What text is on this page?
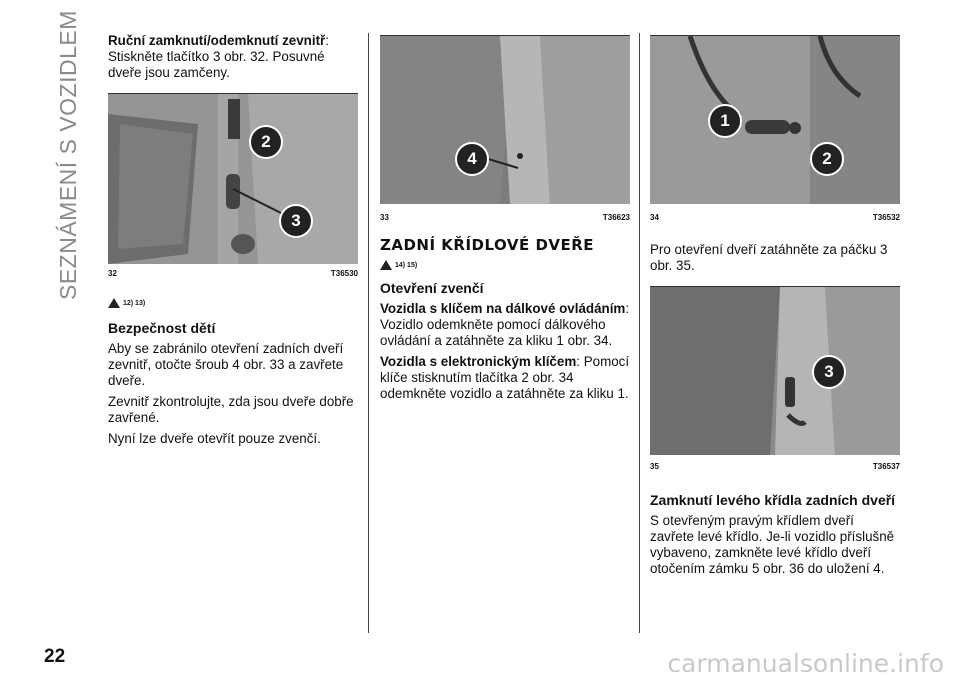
SEZNÁMENÍ S VOZIDLEM Ruční zamknutí/odemknutí zevnitř:

Stiskněte tlačítko 3 obr. 32. Posuvné dveře jsou zamčeny.

2
3
32	T36530
12) 13)
Bezpečnost dětí

Aby se zabránilo otevření zadních dveří zevnitř, otočte šroub 4 obr. 33 a zavřete dveře.

Zevnitř zkontrolujte, zda jsou dveře dobře zavřené.

Nyní lze dveře otevřít pouze zvenčí.

4
33	T36623
ZADNÍ KŘÍDLOVÉ DVEŘE
14) 15)
Otevření zvenčí

Vozidla s klíčem na dálkové ovládáním: Vozidlo odemkněte pomocí dálkového ovládání a zatáhněte za kliku 1 obr. 34.

Vozidla s elektronickým klíčem: Pomocí klíče stisknutím tlačítka 2 obr. 34 odemkněte vozidlo a zatáhněte za kliku 1.

1
2
34	T36532

Pro otevření dveří zatáhněte za páčku 3 obr. 35.

3
35	T36537
Zamknutí levého křídla zadních dveří

S otevřeným pravým křídlem dveří zavřete levé křídlo. Je-li vozidlo příslušně vybaveno, zamkněte levé křídlo dveří otočením zámku 5 obr. 36 do uložení 4.

22	carmanualsonline.info
